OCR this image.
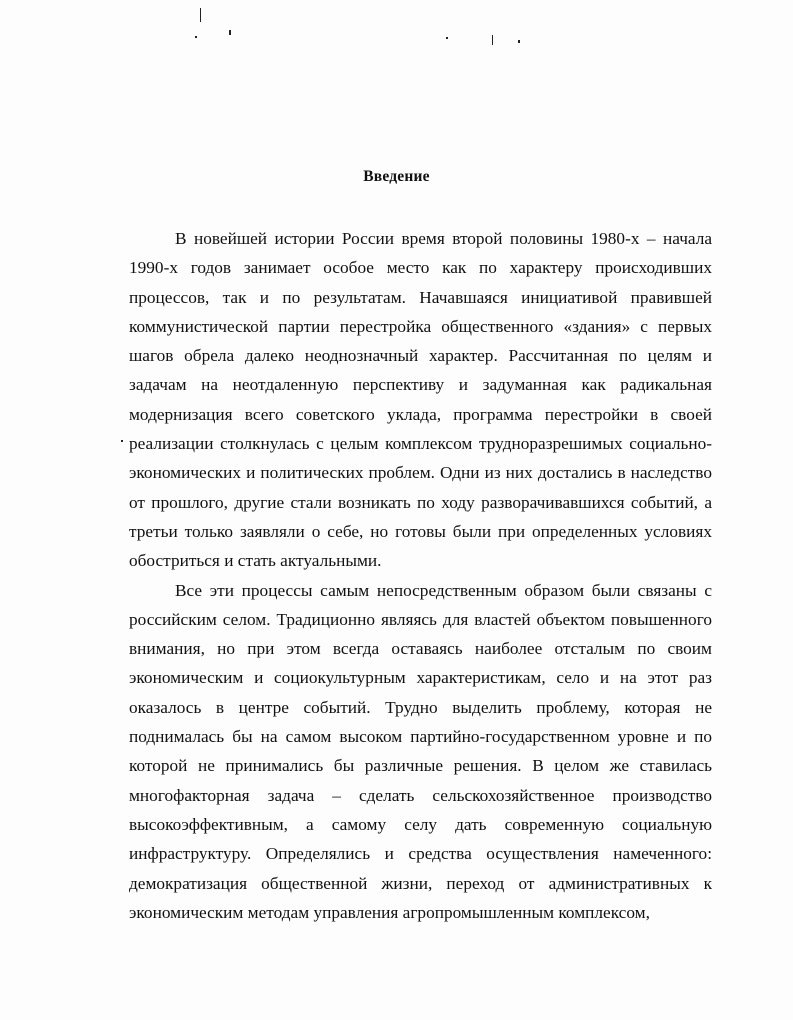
Введение

В новейшей истории России время второй половины 1980-х – начала 1990-х годов занимает особое место как по характеру происходивших процессов, так и по результатам. Начавшаяся инициативой правившей коммунистической партии перестройка общественного «здания» с первых шагов обрела далеко неоднозначный характер. Рассчитанная по целям и задачам на неотдаленную перспективу и задуманная как радикальная модернизация всего советского уклада, программа перестройки в своей реализации столкнулась с целым комплексом трудноразрешимых социально-экономических и политических проблем. Одни из них достались в наследство от прошлого, другие стали возникать по ходу разворачивавшихся событий, а третьи только заявляли о себе, но готовы были при определенных условиях обостриться и стать актуальными.

Все эти процессы самым непосредственным образом были связаны с российским селом. Традиционно являясь для властей объектом повышенного внимания, но при этом всегда оставаясь наиболее отсталым по своим экономическим и социокультурным характеристикам, село и на этот раз оказалось в центре событий. Трудно выделить проблему, которая не поднималась бы на самом высоком партийно-государственном уровне и по которой не принимались бы различные решения. В целом же ставилась многофакторная задача – сделать сельскохозяйственное производство высокоэффективным, а самому селу дать современную социальную инфраструктуру. Определялись и средства осуществления намеченного: демократизация общественной жизни, переход от административных к экономическим методам управления агропромышленным комплексом,
